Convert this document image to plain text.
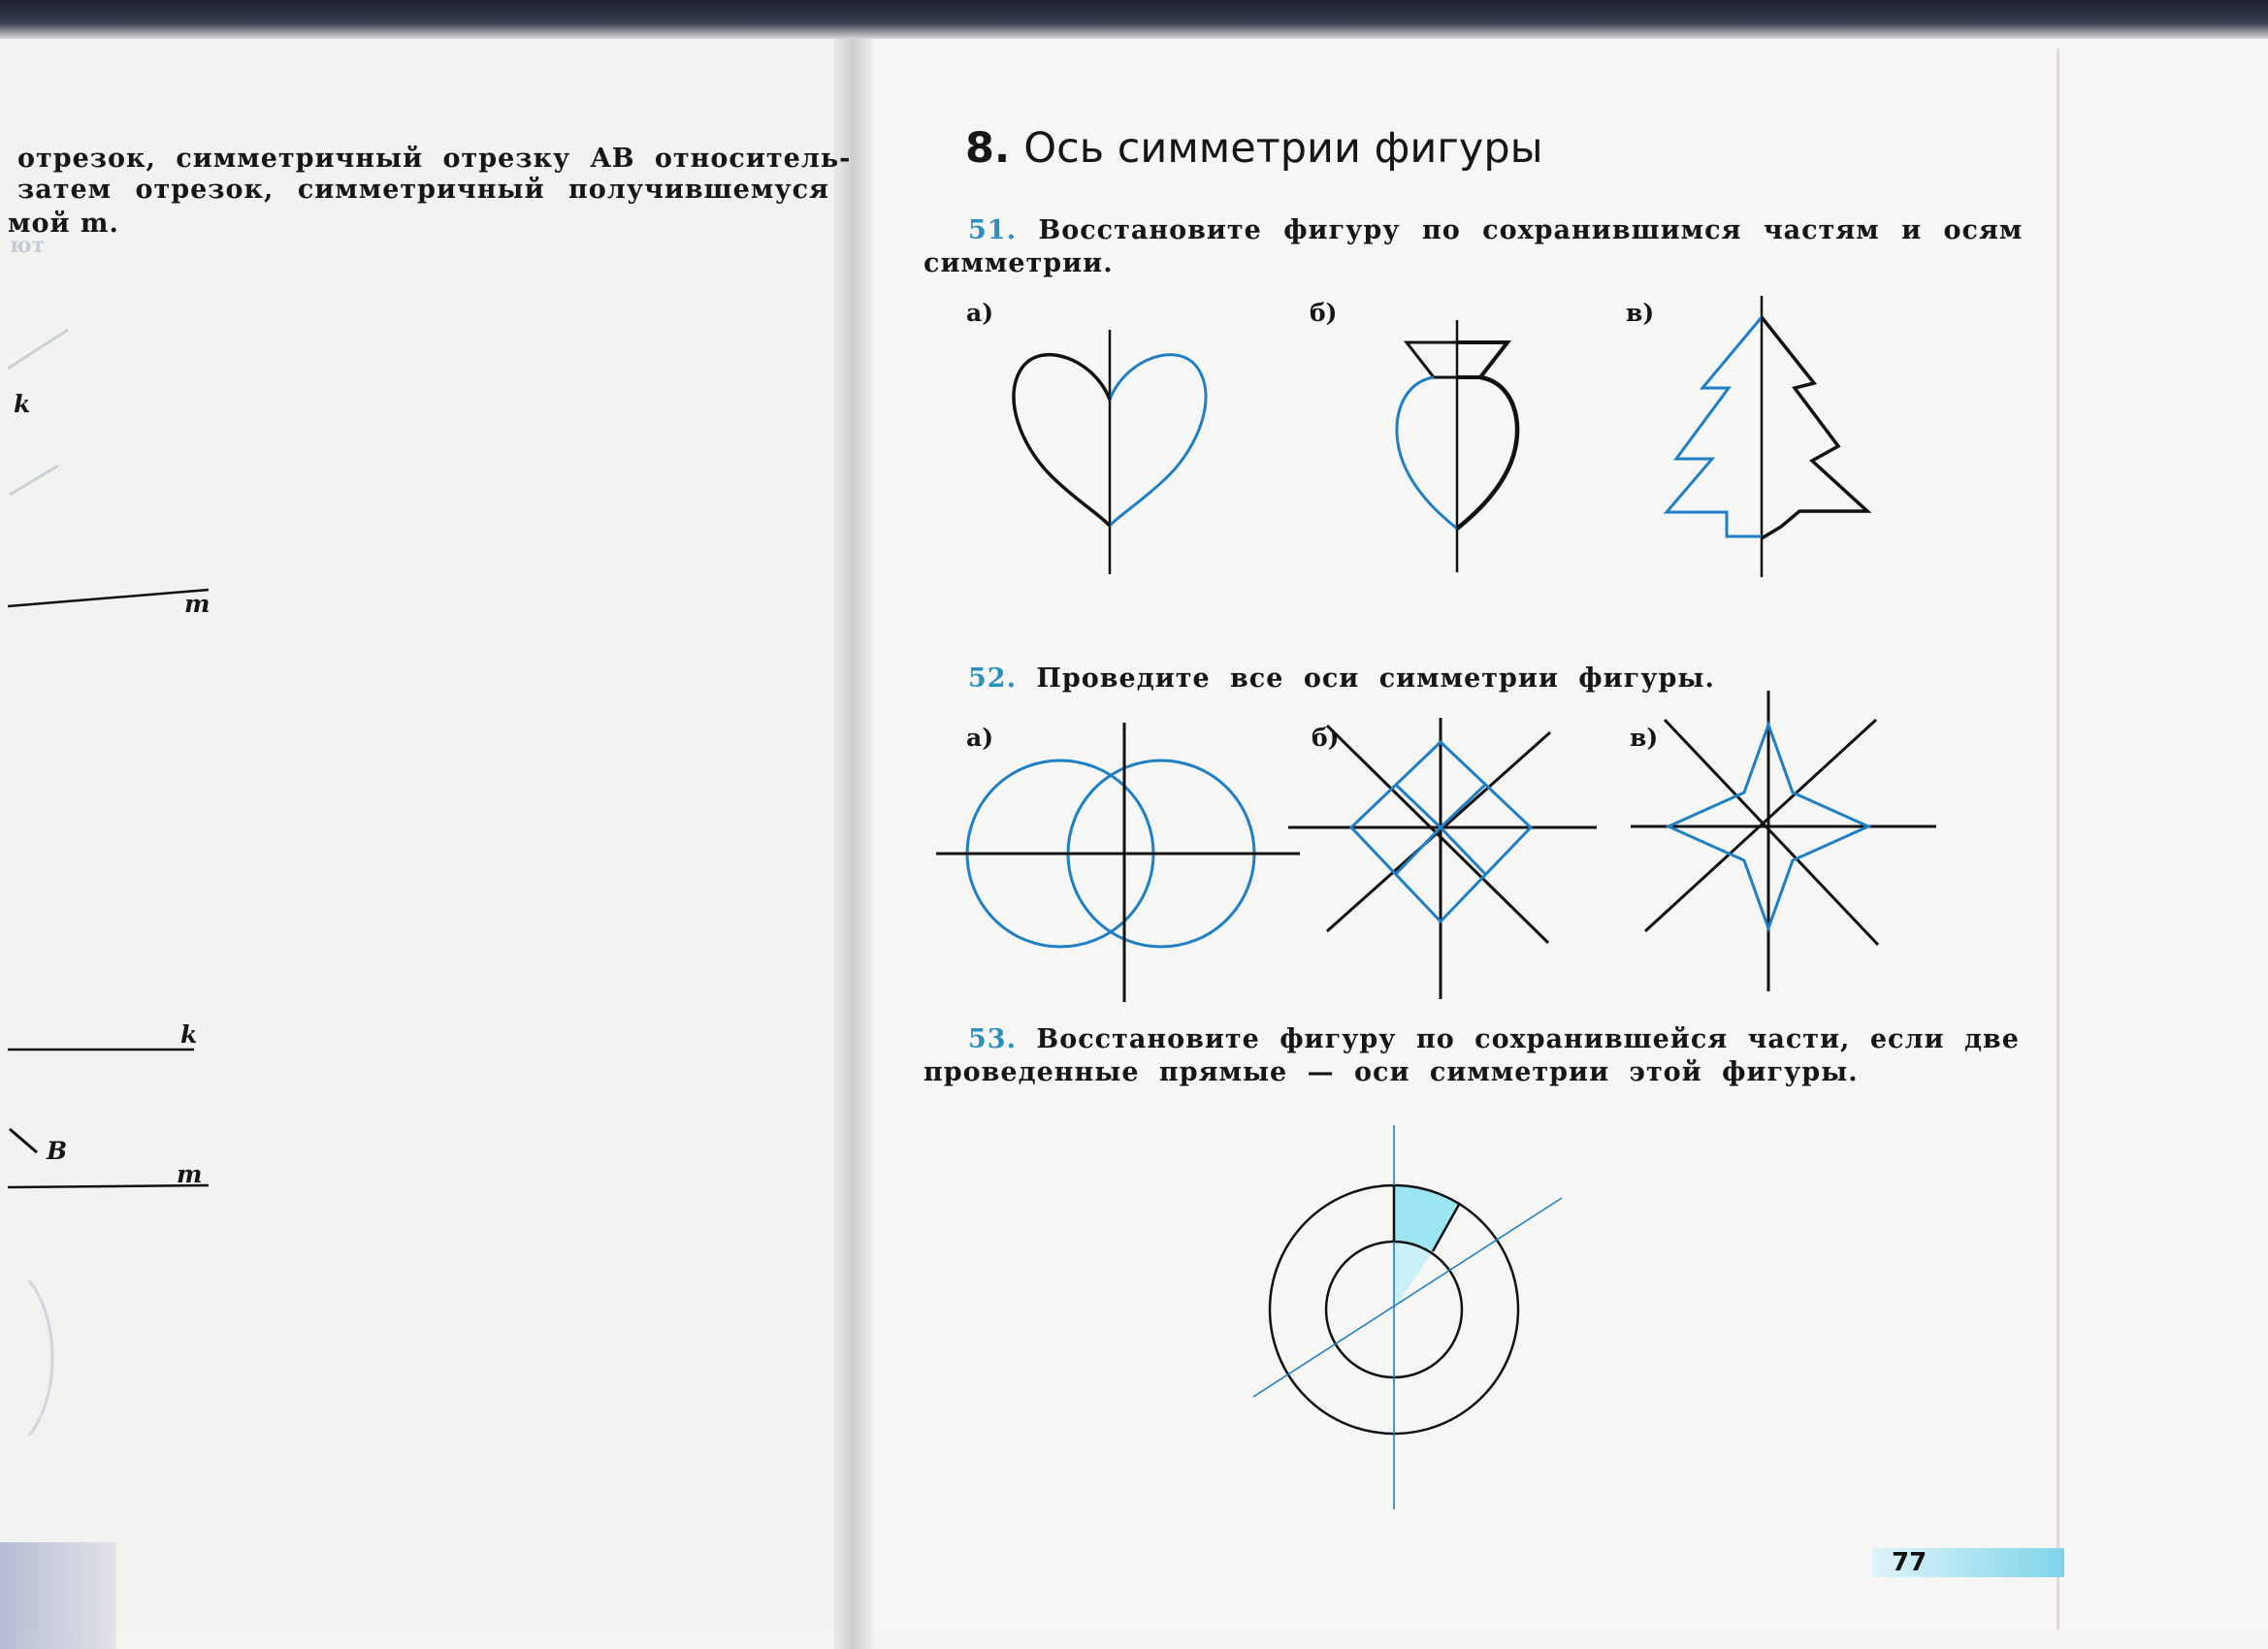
отрезок, симметричный отрезку AB относитель-
затем отрезок, симметричный получившемуся
мой m.
ют
k
m
k
B
m
8. Ось симметрии фигуры
51. Восстановите фигуру по сохранившимся частям и осям
симметрии.
а)	б)	в)
52. Проведите все оси симметрии фигуры.
а)	б)	в)
53. Восстановите фигуру по сохранившейся части, если две
проведенные прямые — оси симметрии этой фигуры.
77
